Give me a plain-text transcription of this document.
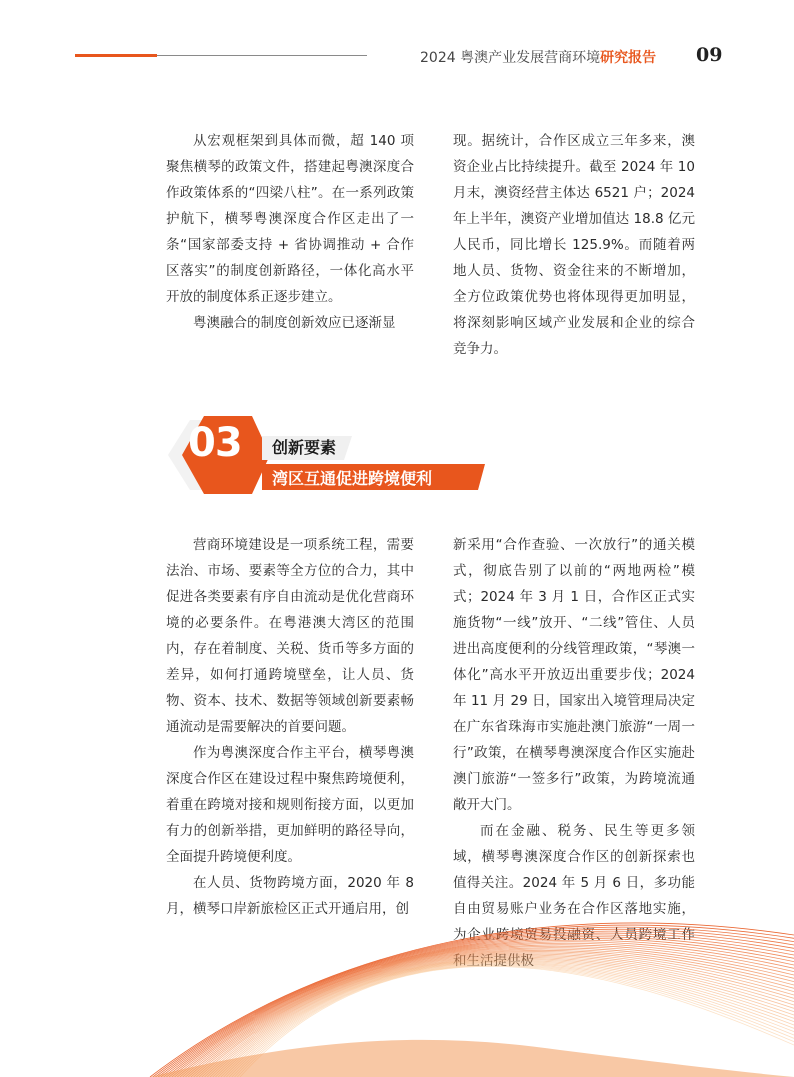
2024 粤澳产业发展营商环境研究报告 09

从宏观框架到具体而微，超 140 项聚焦横琴的政策文件，搭建起粤澳深度合作政策体系的“四梁八柱”。在一系列政策护航下，横琴粤澳深度合作区走出了一条“国家部委支持 + 省协调推动 + 合作区落实”的制度创新路径，一体化高水平开放的制度体系正逐步建立。

粤澳融合的制度创新效应已逐渐显

现。据统计，合作区成立三年多来，澳资企业占比持续提升。截至 2024 年 10 月末，澳资经营主体达 6521 户；2024 年上半年，澳资产业增加值达 18.8 亿元人民币，同比增长 125.9%。而随着两地人员、货物、资金往来的不断增加，全方位政策优势也将体现得更加明显，将深刻影响区域产业发展和企业的综合竞争力。

03 创新要素
湾区互通促进跨境便利

营商环境建设是一项系统工程，需要法治、市场、要素等全方位的合力，其中促进各类要素有序自由流动是优化营商环境的必要条件。在粤港澳大湾区的范围内，存在着制度、关税、货币等多方面的差异，如何打通跨境壁垒，让人员、货物、资本、技术、数据等领域创新要素畅通流动是需要解决的首要问题。

作为粤澳深度合作主平台，横琴粤澳深度合作区在建设过程中聚焦跨境便利，着重在跨境对接和规则衔接方面，以更加有力的创新举措，更加鲜明的路径导向，全面提升跨境便利度。

在人员、货物跨境方面，2020 年 8 月，横琴口岸新旅检区正式开通启用，创

新采用“合作查验、一次放行”的通关模式，彻底告别了以前的“两地两检”模式；2024 年 3 月 1 日，合作区正式实施货物“一线”放开、“二线”管住、人员进出高度便利的分线管理政策，“琴澳一体化”高水平开放迈出重要步伐；2024 年 11 月 29 日，国家出入境管理局决定在广东省珠海市实施赴澳门旅游“一周一行”政策，在横琴粤澳深度合作区实施赴澳门旅游“一签多行”政策，为跨境流通敞开大门。

而在金融、税务、民生等更多领域，横琴粤澳深度合作区的创新探索也值得关注。2024 年 5 月 6 日，多功能自由贸易账户业务在合作区落地实施，为企业跨境贸易投融资、人员跨境工作和生活提供极
